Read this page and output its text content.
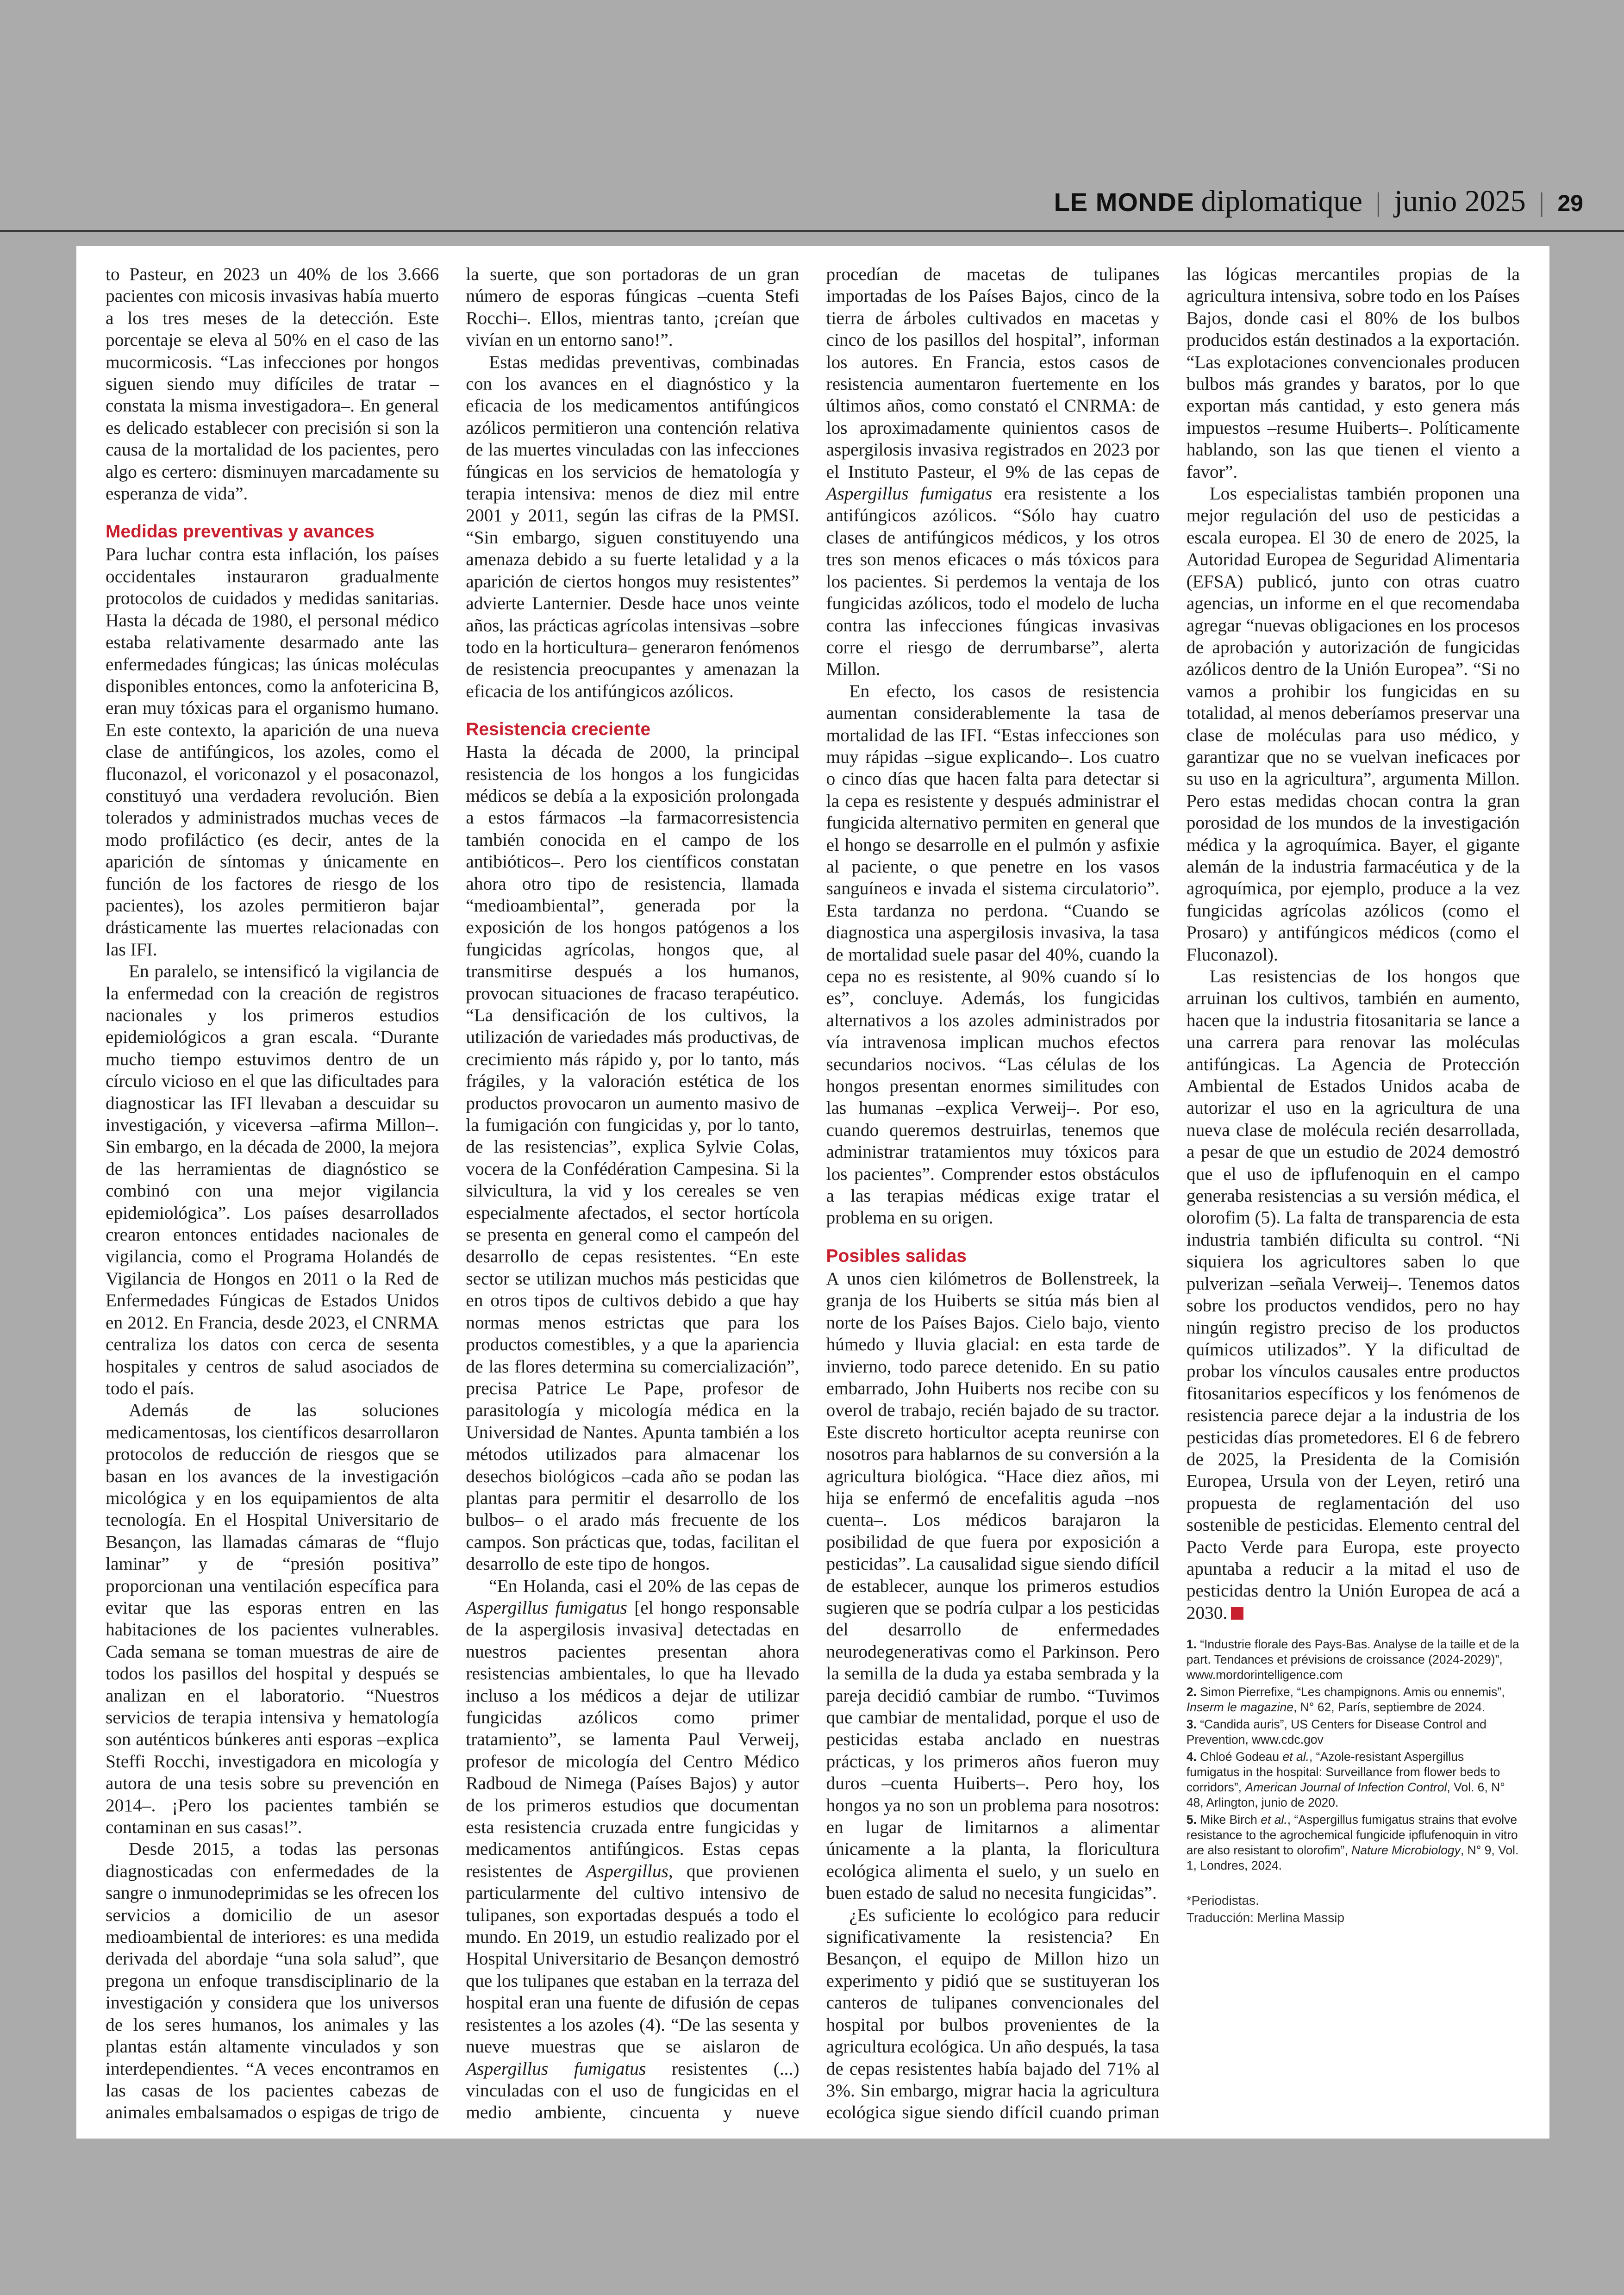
LE MONDE diplomatique | junio 2025 | 29

to Pasteur, en 2023 un 40% de los 3.666 pacientes con micosis invasivas había muerto a los tres meses de la detección. Este porcentaje se eleva al 50% en el caso de las mucormicosis. “Las infecciones por hongos siguen siendo muy difíciles de tratar –constata la misma investigadora–. En general es delicado establecer con precisión si son la causa de la mortalidad de los pacientes, pero algo es certero: disminuyen marcadamente su esperanza de vida”.

Medidas preventivas y avances

Para luchar contra esta inflación, los países occidentales instauraron gradualmente protocolos de cuidados y medidas sanitarias. Hasta la década de 1980, el personal médico estaba relativamente desarmado ante las enfermedades fúngicas; las únicas moléculas disponibles entonces, como la anfotericina B, eran muy tóxicas para el organismo humano. En este contexto, la aparición de una nueva clase de antifúngicos, los azoles, como el fluconazol, el voriconazol y el posaconazol, constituyó una verdadera revolución. Bien tolerados y administrados muchas veces de modo profiláctico (es decir, antes de la aparición de síntomas y únicamente en función de los factores de riesgo de los pacientes), los azoles permitieron bajar drásticamente las muertes relacionadas con las IFI.

En paralelo, se intensificó la vigilancia de la enfermedad con la creación de registros nacionales y los primeros estudios epidemiológicos a gran escala. “Durante mucho tiempo estuvimos dentro de un círculo vicioso en el que las dificultades para diagnosticar las IFI llevaban a descuidar su investigación, y viceversa –afirma Millon–. Sin embargo, en la década de 2000, la mejora de las herramientas de diagnóstico se combinó con una mejor vigilancia epidemiológica”. Los países desarrollados crearon entonces entidades nacionales de vigilancia, como el Programa Holandés de Vigilancia de Hongos en 2011 o la Red de Enfermedades Fúngicas de Estados Unidos en 2012. En Francia, desde 2023, el CNRMA centraliza los datos con cerca de sesenta hospitales y centros de salud asociados de todo el país.

Además de las soluciones medicamentosas, los científicos desarrollaron protocolos de reducción de riesgos que se basan en los avances de la investigación micológica y en los equipamientos de alta tecnología. En el Hospital Universitario de Besançon, las llamadas cámaras de “flujo laminar” y de “presión positiva” proporcionan una ventilación específica para evitar que las esporas entren en las habitaciones de los pacientes vulnerables. Cada semana se toman muestras de aire de todos los pasillos del hospital y después se analizan en el laboratorio. “Nuestros servicios de terapia intensiva y hematología son auténticos búnkeres anti esporas –explica Steffi Rocchi, investigadora en micología y autora de una tesis sobre su prevención en 2014–. ¡Pero los pacientes también se contaminan en sus casas!”.

Desde 2015, a todas las personas diagnosticadas con enfermedades de la sangre o inmunodeprimidas se les ofrecen los servicios a domicilio de un asesor medioambiental de interiores: es una medida derivada del abordaje “una sola salud”, que pregona un enfoque transdisciplinario de la investigación y considera que los universos de los seres humanos, los animales y las plantas están altamente vinculados y son interdependientes. “A veces encontramos en las casas de los pacientes cabezas de animales embalsamados o espigas de trigo de la suerte, que son portadoras de un gran número de esporas fúngicas –cuenta Stefi Rocchi–. Ellos, mientras tanto, ¡creían que vivían en un entorno sano!”.

Estas medidas preventivas, combinadas con los avances en el diagnóstico y la eficacia de los medicamentos antifúngicos azólicos permitieron una contención relativa de las muertes vinculadas con las infecciones fúngicas en los servicios de hematología y terapia intensiva: menos de diez mil entre 2001 y 2011, según las cifras de la PMSI. “Sin embargo, siguen constituyendo una amenaza debido a su fuerte letalidad y a la aparición de ciertos hongos muy resistentes” advierte Lanternier. Desde hace unos veinte años, las prácticas agrícolas intensivas –sobre todo en la horticultura– generaron fenómenos de resistencia preocupantes y amenazan la eficacia de los antifúngicos azólicos.

Resistencia creciente

Hasta la década de 2000, la principal resistencia de los hongos a los fungicidas médicos se debía a la exposición prolongada a estos fármacos –la farmacorresistencia también conocida en el campo de los antibióticos–. Pero los científicos constatan ahora otro tipo de resistencia, llamada “medioambiental”, generada por la exposición de los hongos patógenos a los fungicidas agrícolas, hongos que, al transmitirse después a los humanos, provocan situaciones de fracaso terapéutico. “La densificación de los cultivos, la utilización de variedades más productivas, de crecimiento más rápido y, por lo tanto, más frágiles, y la valoración estética de los productos provocaron un aumento masivo de la fumigación con fungicidas y, por lo tanto, de las resistencias”, explica Sylvie Colas, vocera de la Confédération Campesina. Si la silvicultura, la vid y los cereales se ven especialmente afectados, el sector hortícola se presenta en general como el campeón del desarrollo de cepas resistentes. “En este sector se utilizan muchos más pesticidas que en otros tipos de cultivos debido a que hay normas menos estrictas que para los productos comestibles, y a que la apariencia de las flores determina su comercialización”, precisa Patrice Le Pape, profesor de parasitología y micología médica en la Universidad de Nantes. Apunta también a los métodos utilizados para almacenar los desechos biológicos –cada año se podan las plantas para permitir el desarrollo de los bulbos– o el arado más frecuente de los campos. Son prácticas que, todas, facilitan el desarrollo de este tipo de hongos.

“En Holanda, casi el 20% de las cepas de Aspergillus fumigatus [el hongo responsable de la aspergilosis invasiva] detectadas en nuestros pacientes presentan ahora resistencias ambientales, lo que ha llevado incluso a los médicos a dejar de utilizar fungicidas azólicos como primer tratamiento”, se lamenta Paul Verweij, profesor de micología del Centro Médico Radboud de Nimega (Países Bajos) y autor de los primeros estudios que documentan esta resistencia cruzada entre fungicidas y medicamentos antifúngicos. Estas cepas resistentes de Aspergillus, que provienen particularmente del cultivo intensivo de tulipanes, son exportadas después a todo el mundo. En 2019, un estudio realizado por el Hospital Universitario de Besançon demostró que los tulipanes que estaban en la terraza del hospital eran una fuente de difusión de cepas resistentes a los azoles (4). “De las sesenta y nueve muestras que se aislaron de Aspergillus fumigatus resistentes (...) vinculadas con el uso de fungicidas en el medio ambiente, cincuenta y nueve procedían de macetas de tulipanes importadas de los Países Bajos, cinco de la tierra de árboles cultivados en macetas y cinco de los pasillos del hospital”, informan los autores. En Francia, estos casos de resistencia aumentaron fuertemente en los últimos años, como constató el CNRMA: de los aproximadamente quinientos casos de aspergilosis invasiva registrados en 2023 por el Instituto Pasteur, el 9% de las cepas de Aspergillus fumigatus era resistente a los antifúngicos azólicos. “Sólo hay cuatro clases de antifúngicos médicos, y los otros tres son menos eficaces o más tóxicos para los pacientes. Si perdemos la ventaja de los fungicidas azólicos, todo el modelo de lucha contra las infecciones fúngicas invasivas corre el riesgo de derrumbarse”, alerta Millon.

En efecto, los casos de resistencia aumentan considerablemente la tasa de mortalidad de las IFI. “Estas infecciones son muy rápidas –sigue explicando–. Los cuatro o cinco días que hacen falta para detectar si la cepa es resistente y después administrar el fungicida alternativo permiten en general que el hongo se desarrolle en el pulmón y asfixie al paciente, o que penetre en los vasos sanguíneos e invada el sistema circulatorio”. Esta tardanza no perdona. “Cuando se diagnostica una aspergilosis invasiva, la tasa de mortalidad suele pasar del 40%, cuando la cepa no es resistente, al 90% cuando sí lo es”, concluye. Además, los fungicidas alternativos a los azoles administrados por vía intravenosa implican muchos efectos secundarios nocivos. “Las células de los hongos presentan enormes similitudes con las humanas –explica Verweij–. Por eso, cuando queremos destruirlas, tenemos que administrar tratamientos muy tóxicos para los pacientes”. Comprender estos obstáculos a las terapias médicas exige tratar el problema en su origen.

Posibles salidas

A unos cien kilómetros de Bollenstreek, la granja de los Huiberts se sitúa más bien al norte de los Países Bajos. Cielo bajo, viento húmedo y lluvia glacial: en esta tarde de invierno, todo parece detenido. En su patio embarrado, John Huiberts nos recibe con su overol de trabajo, recién bajado de su tractor. Este discreto horticultor acepta reunirse con nosotros para hablarnos de su conversión a la agricultura biológica. “Hace diez años, mi hija se enfermó de encefalitis aguda –nos cuenta–. Los médicos barajaron la posibilidad de que fuera por exposición a pesticidas”. La causalidad sigue siendo difícil de establecer, aunque los primeros estudios sugieren que se podría culpar a los pesticidas del desarrollo de enfermedades neurodegenerativas como el Parkinson. Pero la semilla de la duda ya estaba sembrada y la pareja decidió cambiar de rumbo. “Tuvimos que cambiar de mentalidad, porque el uso de pesticidas estaba anclado en nuestras prácticas, y los primeros años fueron muy duros –cuenta Huiberts–. Pero hoy, los hongos ya no son un problema para nosotros: en lugar de limitarnos a alimentar únicamente a la planta, la floricultura ecológica alimenta el suelo, y un suelo en buen estado de salud no necesita fungicidas”.

¿Es suficiente lo ecológico para reducir significativamente la resistencia? En Besançon, el equipo de Millon hizo un experimento y pidió que se sustituyeran los canteros de tulipanes convencionales del hospital por bulbos provenientes de la agricultura ecológica. Un año después, la tasa de cepas resistentes había bajado del 71% al 3%. Sin embargo, migrar hacia la agricultura ecológica sigue siendo difícil cuando priman las lógicas mercantiles propias de la agricultura intensiva, sobre todo en los Países Bajos, donde casi el 80% de los bulbos producidos están destinados a la exportación. “Las explotaciones convencionales producen bulbos más grandes y baratos, por lo que exportan más cantidad, y esto genera más impuestos –resume Huiberts–. Políticamente hablando, son las que tienen el viento a favor”.

Los especialistas también proponen una mejor regulación del uso de pesticidas a escala europea. El 30 de enero de 2025, la Autoridad Europea de Seguridad Alimentaria (EFSA) publicó, junto con otras cuatro agencias, un informe en el que recomendaba agregar “nuevas obligaciones en los procesos de aprobación y autorización de fungicidas azólicos dentro de la Unión Europea”. “Si no vamos a prohibir los fungicidas en su totalidad, al menos deberíamos preservar una clase de moléculas para uso médico, y garantizar que no se vuelvan ineficaces por su uso en la agricultura”, argumenta Millon. Pero estas medidas chocan contra la gran porosidad de los mundos de la investigación médica y la agroquímica. Bayer, el gigante alemán de la industria farmacéutica y de la agroquímica, por ejemplo, produce a la vez fungicidas agrícolas azólicos (como el Prosaro) y antifúngicos médicos (como el Fluconazol).

Las resistencias de los hongos que arruinan los cultivos, también en aumento, hacen que la industria fitosanitaria se lance a una carrera para renovar las moléculas antifúngicas. La Agencia de Protección Ambiental de Estados Unidos acaba de autorizar el uso en la agricultura de una nueva clase de molécula recién desarrollada, a pesar de que un estudio de 2024 demostró que el uso de ipflufenoquin en el campo generaba resistencias a su versión médica, el olorofim (5). La falta de transparencia de esta industria también dificulta su control. “Ni siquiera los agricultores saben lo que pulverizan –señala Verweij–. Tenemos datos sobre los productos vendidos, pero no hay ningún registro preciso de los productos químicos utilizados”. Y la dificultad de probar los vínculos causales entre productos fitosanitarios específicos y los fenómenos de resistencia parece dejar a la industria de los pesticidas días prometedores. El 6 de febrero de 2025, la Presidenta de la Comisión Europea, Ursula von der Leyen, retiró una propuesta de reglamentación del uso sostenible de pesticidas. Elemento central del Pacto Verde para Europa, este proyecto apuntaba a reducir a la mitad el uso de pesticidas dentro la Unión Europea de acá a 2030.

1. “Industrie florale des Pays-Bas. Analyse de la taille et de la part. Tendances et prévisions de croissance (2024-2029)”, www.mordorintelligence.com

2. Simon Pierrefixe, “Les champignons. Amis ou ennemis”, Inserm le magazine, N° 62, París, septiembre de 2024.

3. “Candida auris”, US Centers for Disease Control and Prevention, www.cdc.gov

4. Chloé Godeau et al., “Azole-resistant Aspergillus fumigatus in the hospital: Surveillance from flower beds to corridors”, American Journal of Infection Control, Vol. 6, N° 48, Arlington, junio de 2020.

5. Mike Birch et al., “Aspergillus fumigatus strains that evolve resistance to the agrochemical fungicide ipflufenoquin in vitro are also resistant to olorofim”, Nature Microbiology, N° 9, Vol. 1, Londres, 2024.

*Periodistas.

Traducción: Merlina Massip
